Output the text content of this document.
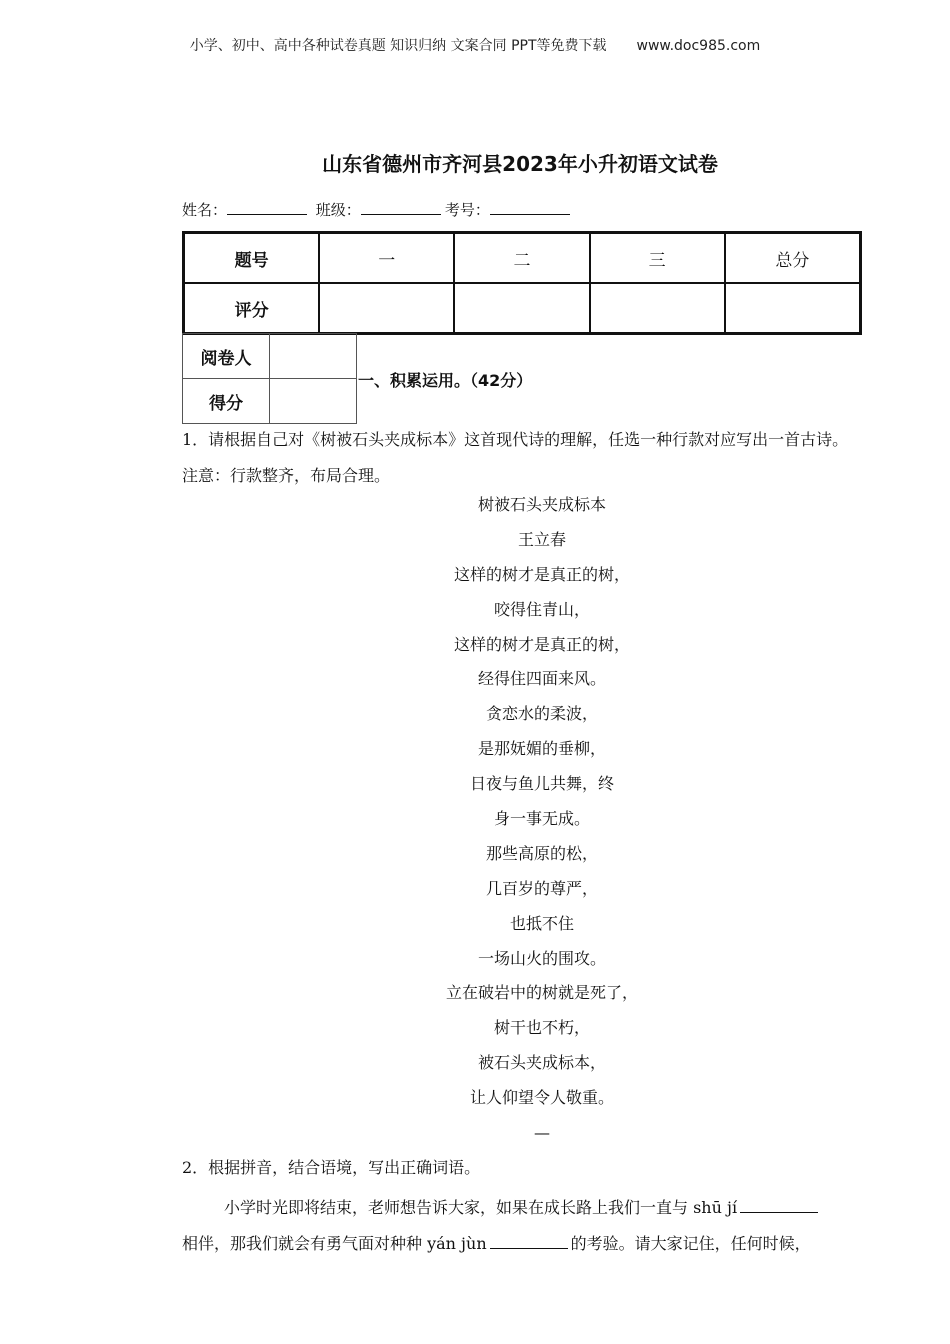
小学、初中、高中各种试卷真题 知识归纳 文案合同 PPT等免费下载 www.doc985.com
山东省德州市齐河县2023年小升初语文试卷
姓名：	班级：	考号：
题号	一	二	三	总分
评分				
阅卷人	
得分	
一、积累运用。（42分）
1．请根据自己对《树被石头夹成标本》这首现代诗的理解，任选一种行款对应写出一首古诗。注意：行款整齐，布局合理。
树被石头夹成标本
王立春
这样的树才是真正的树，
咬得住青山，
这样的树才是真正的树，
经得住四面来风。
贪恋水的柔波，
是那妩媚的垂柳，
日夜与鱼儿共舞，终
身一事无成。
那些高原的松，
几百岁的尊严，
也抵不住
一场山火的围攻。
立在破岩中的树就是死了，
树干也不朽，
被石头夹成标本，
让人仰望令人敬重。
—
2．根据拼音，结合语境，写出正确词语。
小学时光即将结束，老师想告诉大家，如果在成长路上我们一直与 shū jí
相伴，那我们就会有勇气面对种种 yán jùn	的考验。请大家记住，任何时候，
